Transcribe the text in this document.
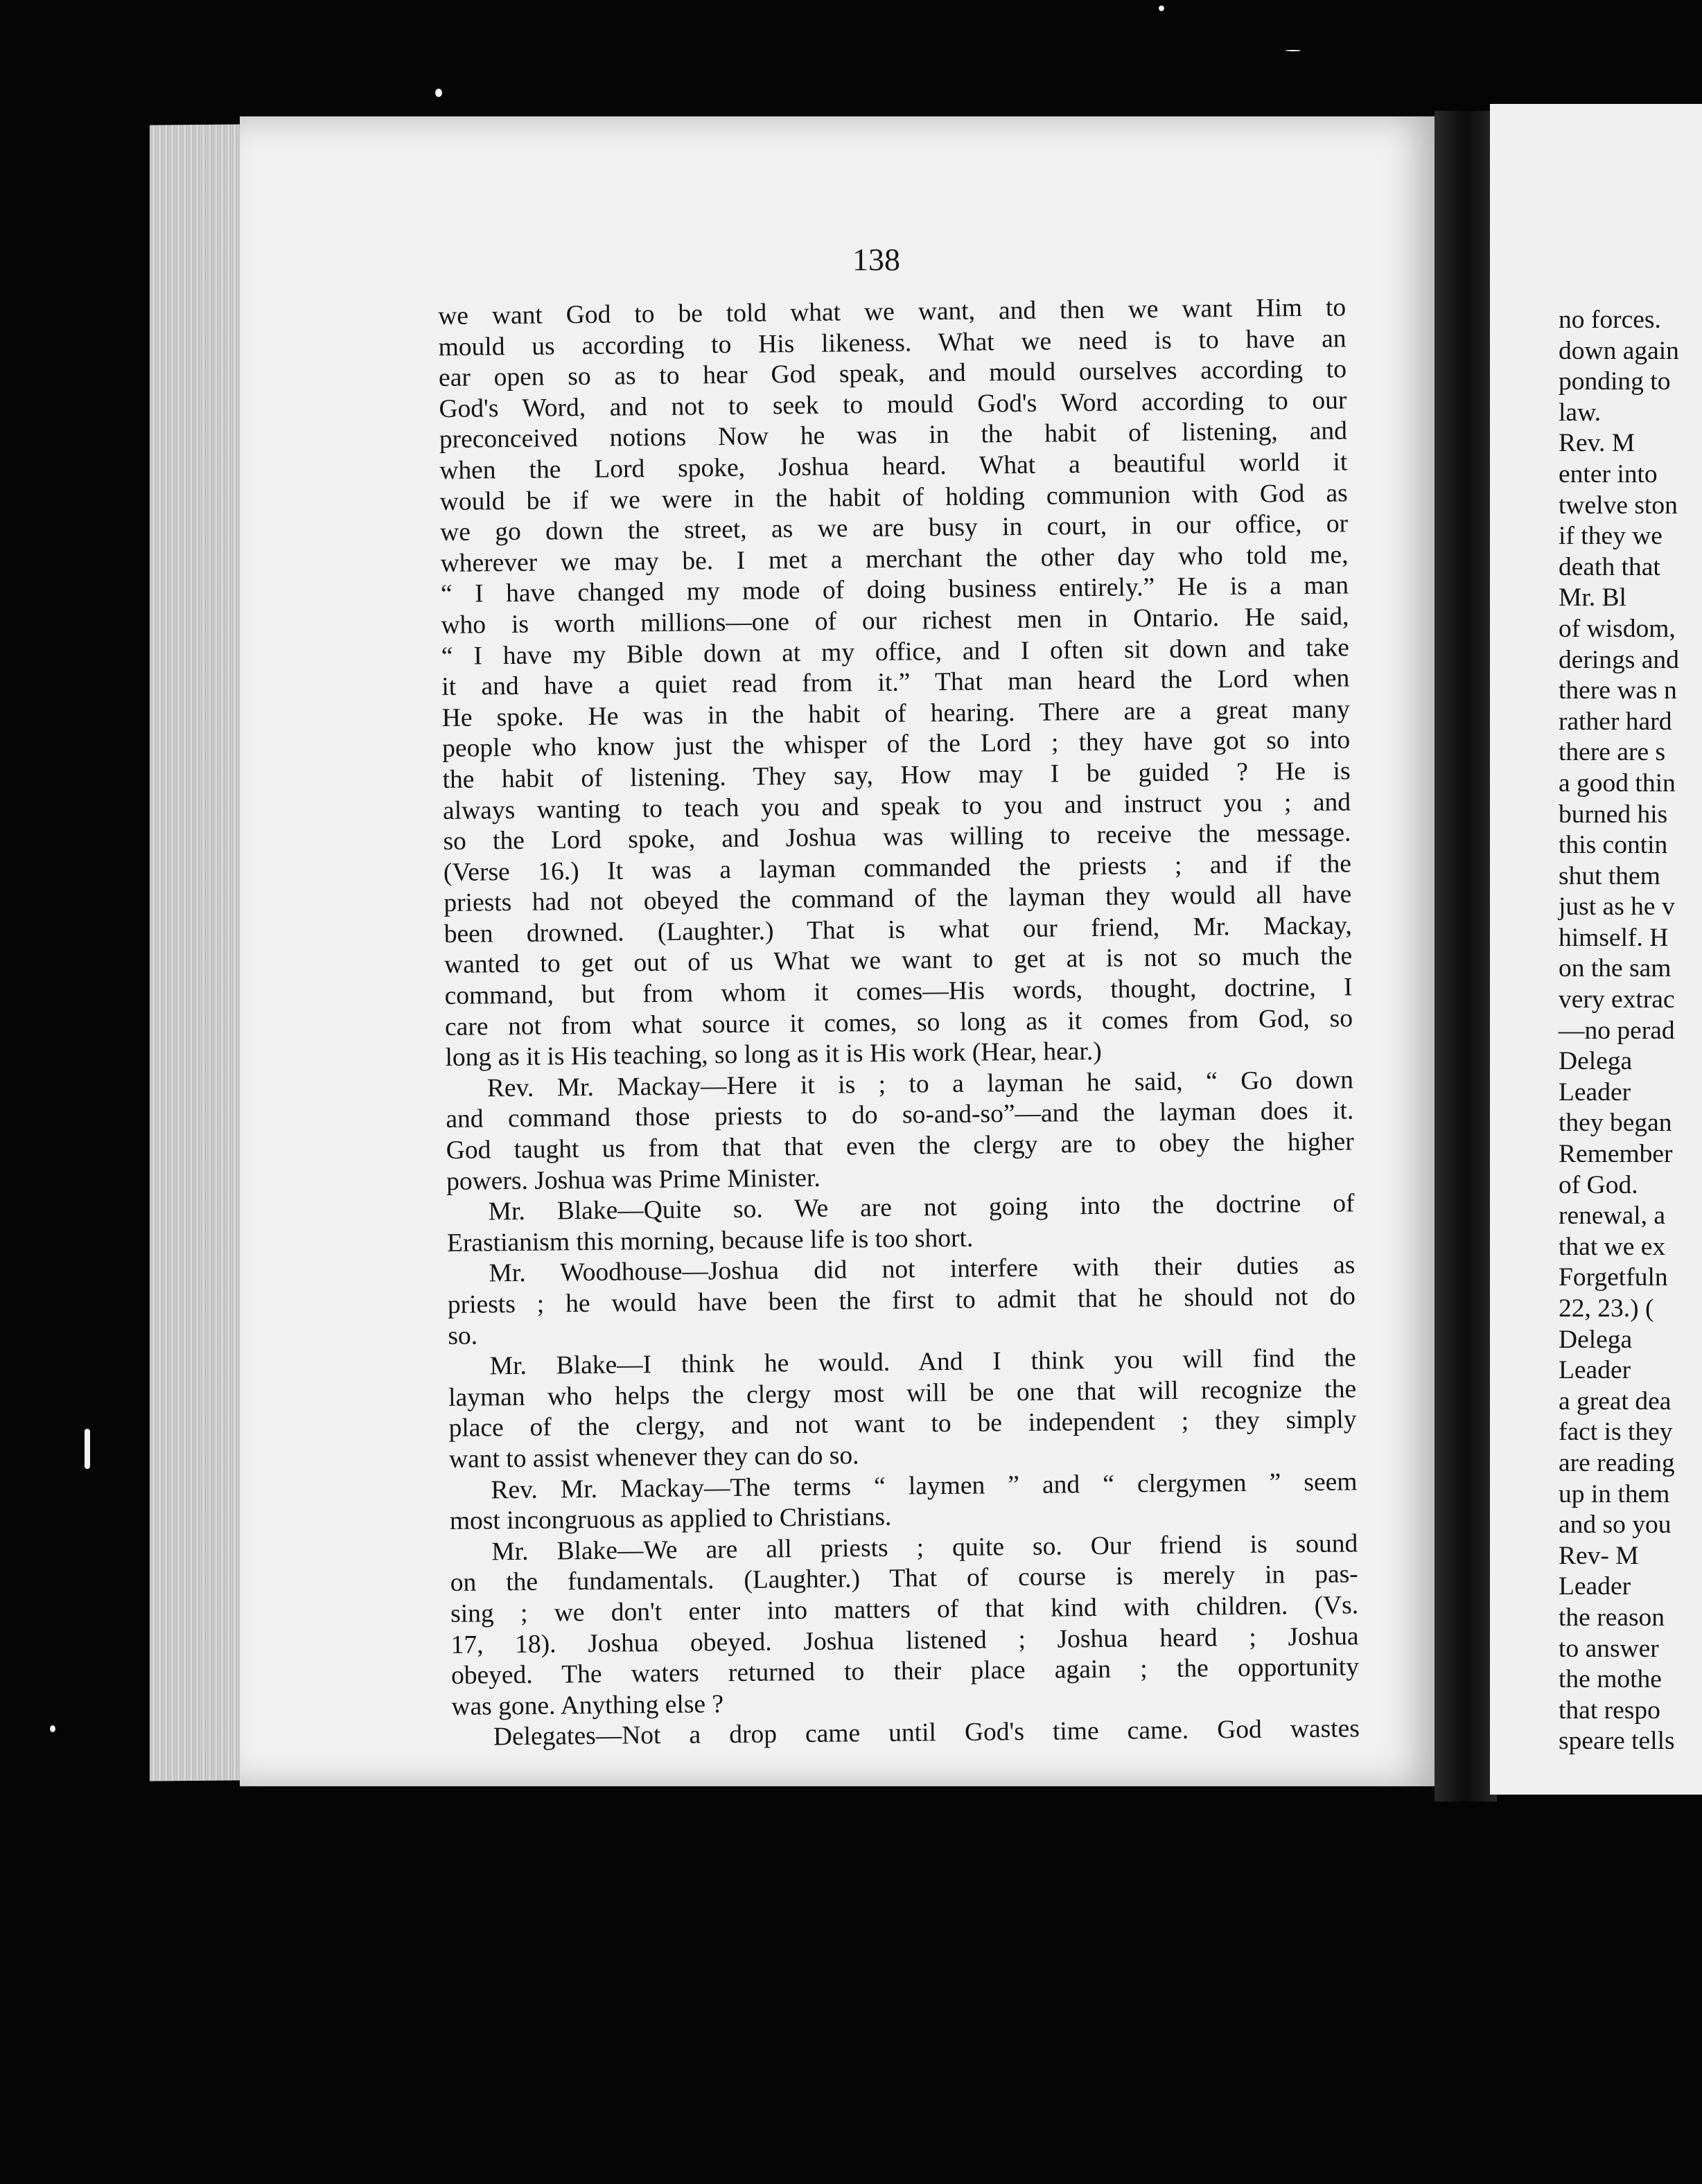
138
we want God to be told what we want, and then we want Him to
mould us according to His likeness. What we need is to have an
ear open so as to hear God speak, and mould ourselves according to
God's Word, and not to seek to mould God's Word according to our
preconceived notions Now he was in the habit of listening, and
when the Lord spoke, Joshua heard. What a beautiful world it
would be if we were in the habit of holding communion with God as
we go down the street, as we are busy in court, in our office, or
wherever we may be. I met a merchant the other day who told me,
“ I have changed my mode of doing business entirely.” He is a man
who is worth millions—one of our richest men in Ontario. He said,
“ I have my Bible down at my office, and I often sit down and take
it and have a quiet read from it.” That man heard the Lord when
He spoke. He was in the habit of hearing. There are a great many
people who know just the whisper of the Lord ; they have got so into
the habit of listening. They say, How may I be guided ? He is
always wanting to teach you and speak to you and instruct you ; and
so the Lord spoke, and Joshua was willing to receive the message.
(Verse 16.) It was a layman commanded the priests ; and if the
priests had not obeyed the command of the layman they would all have
been drowned. (Laughter.) That is what our friend, Mr. Mackay,
wanted to get out of us What we want to get at is not so much the
command, but from whom it comes—His words, thought, doctrine, I
care not from what source it comes, so long as it comes from God, so
long as it is His teaching, so long as it is His work (Hear, hear.)
Rev. Mr. Mackay—Here it is ; to a layman he said, “ Go down
and command those priests to do so-and-so”—and the layman does it.
God taught us from that that even the clergy are to obey the higher
powers. Joshua was Prime Minister.
Mr. Blake—Quite so. We are not going into the doctrine of
Erastianism this morning, because life is too short.
Mr. Woodhouse—Joshua did not interfere with their duties as
priests ; he would have been the first to admit that he should not do
so.
Mr. Blake—I think he would. And I think you will find the
layman who helps the clergy most will be one that will recognize the
place of the clergy, and not want to be independent ; they simply
want to assist whenever they can do so.
Rev. Mr. Mackay—The terms “ laymen ” and “ clergymen ” seem
most incongruous as applied to Christians.
Mr. Blake—We are all priests ; quite so. Our friend is sound
on the fundamentals. (Laughter.) That of course is merely in pas-
sing ; we don't enter into matters of that kind with children. (Vs.
17, 18). Joshua obeyed. Joshua listened ; Joshua heard ; Joshua
obeyed. The waters returned to their place again ; the opportunity
was gone. Anything else ?
Delegates—Not a drop came until God's time came. God wastes
no forces.
down again
ponding to
law.
Rev. M
enter into
twelve ston
if they we
death that
Mr. Bl
of wisdom,
derings and
there was n
rather hard
there are s
a good thin
burned his
this contin
shut them
just as he v
himself. H
on the sam
very extrac
—no perad
Delega
Leader
they began
Remember
of God.
renewal, a
that we ex
Forgetfuln
22, 23.) (
Delega
Leader
a great dea
fact is they
are reading
up in them
and so you
Rev- M
Leader
the reason
to answer
the mothe
that respo
speare tells
